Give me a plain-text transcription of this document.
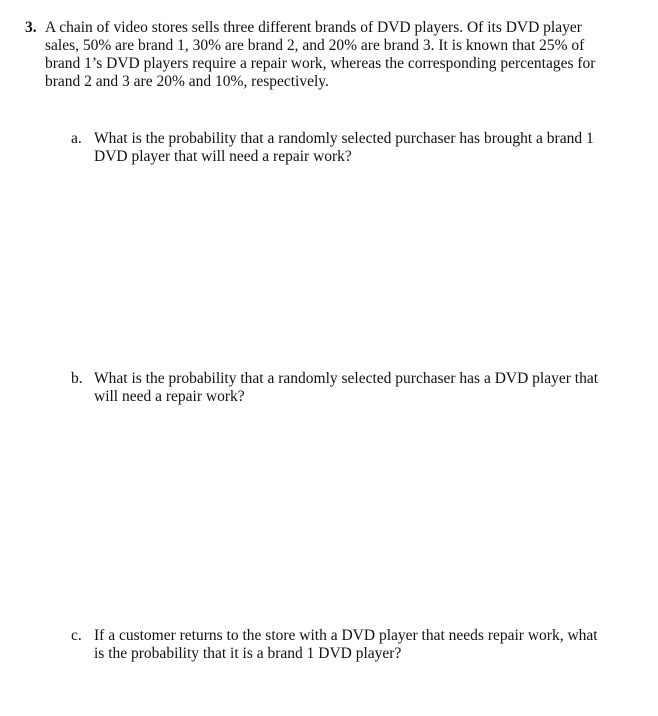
3. A chain of video stores sells three different brands of DVD players. Of its DVD player
sales, 50% are brand 1, 30% are brand 2, and 20% are brand 3. It is known that 25% of
brand 1’s DVD players require a repair work, whereas the corresponding percentages for
brand 2 and 3 are 20% and 10%, respectively.
a. What is the probability that a randomly selected purchaser has brought a brand 1
DVD player that will need a repair work?
b. What is the probability that a randomly selected purchaser has a DVD player that
will need a repair work?
c. If a customer returns to the store with a DVD player that needs repair work, what
is the probability that it is a brand 1 DVD player?
